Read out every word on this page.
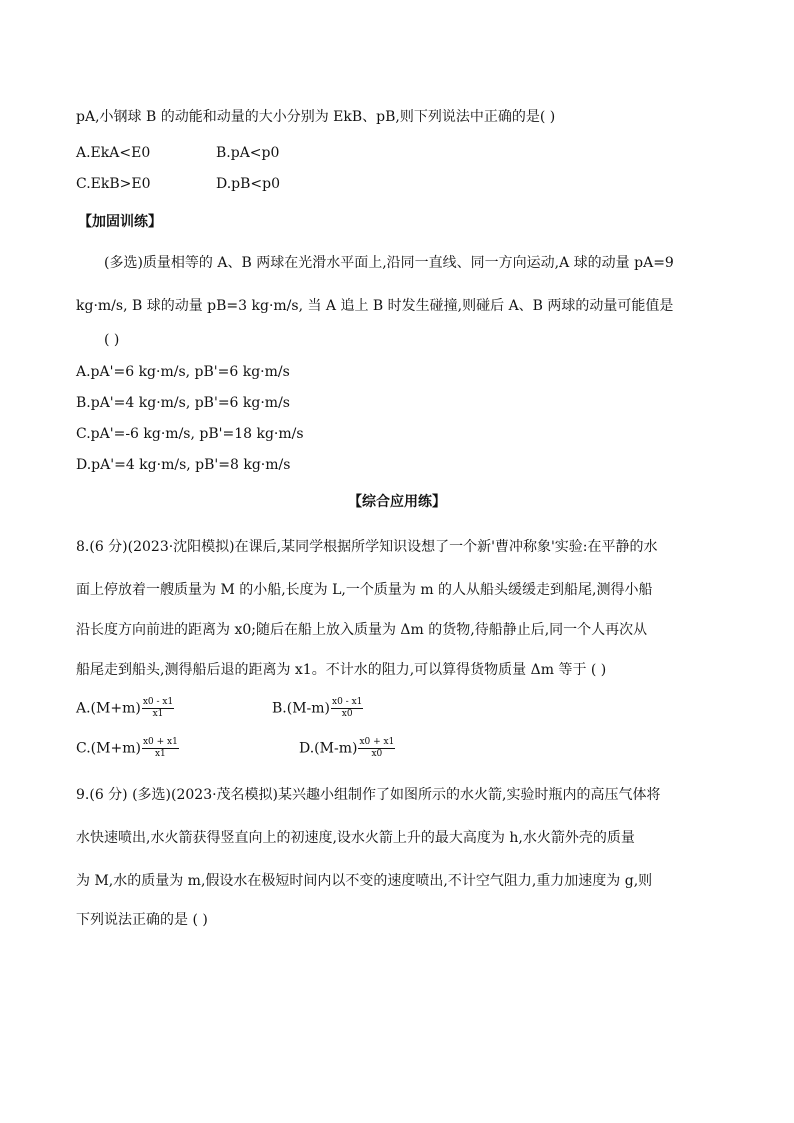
pA,小钢球 B 的动能和动量的大小分别为 EkB、pB,则下列说法中正确的是( )
A.EkA<E0	B.pA<p0
C.EkB>E0	D.pB<p0
【加固训练】
(多选)质量相等的 A、B 两球在光滑水平面上,沿同一直线、同一方向运动,A 球的动量 pA=9
kg·m/s, B 球的动量 pB=3 kg·m/s, 当 A 追上 B 时发生碰撞,则碰后 A、B 两球的动量可能值是
( )
A.pA'=6 kg·m/s, pB'=6 kg·m/s
B.pA'=4 kg·m/s, pB'=6 kg·m/s
C.pA'=-6 kg·m/s, pB'=18 kg·m/s
D.pA'=4 kg·m/s, pB'=8 kg·m/s
【综合应用练】
8.(6 分)(2023·沈阳模拟)在课后,某同学根据所学知识设想了一个新'曹冲称象'实验:在平静的水
面上停放着一艘质量为 M 的小船,长度为 L,一个质量为 m 的人从船头缓缓走到船尾,测得小船
沿长度方向前进的距离为 x0;随后在船上放入质量为 Δm 的货物,待船静止后,同一个人再次从
船尾走到船头,测得船后退的距离为 x1。不计水的阻力,可以算得货物质量 Δm 等于 ( )
$A.(M+m) \frac{x0 - x1}{x1}$	$B.(M-m) \frac{x0 - x1}{x0}$
$C.(M+m) \frac{x0 + x1}{x1}$	$D.(M-m) \frac{x0 + x1}{x0}$
9.(6 分) (多选)(2023·茂名模拟)某兴趣小组制作了如图所示的水火箭,实验时瓶内的高压气体将
水快速喷出,水火箭获得竖直向上的初速度,设水火箭上升的最大高度为 h,水火箭外壳的质量
为 M,水的质量为 m,假设水在极短时间内以不变的速度喷出,不计空气阻力,重力加速度为 g,则
下列说法正确的是 ( )
